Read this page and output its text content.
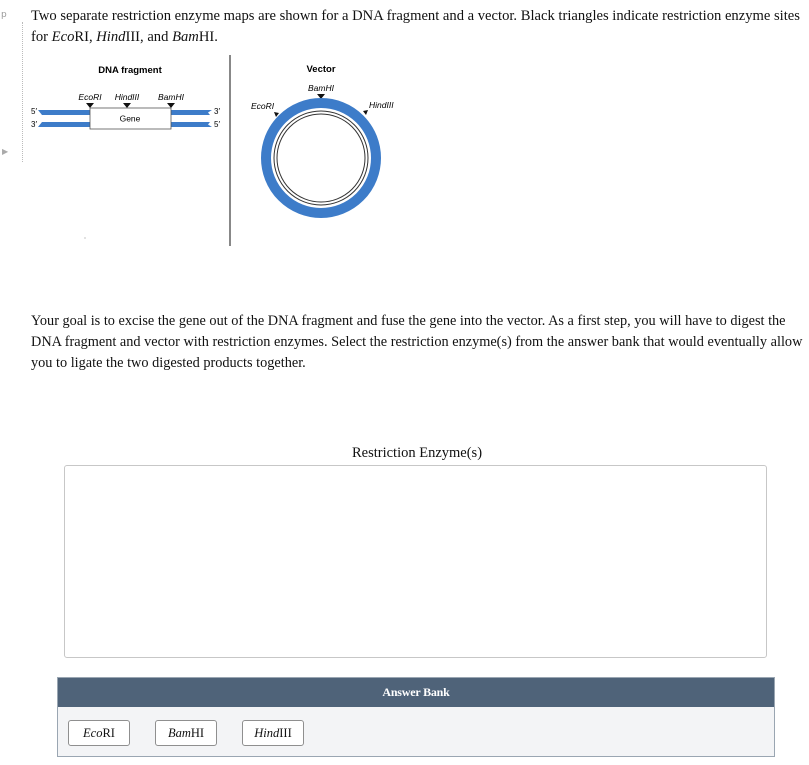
p
▶
Two separate restriction enzyme maps are shown for a DNA fragment and a vector. Black triangles indicate restriction enzyme sites for EcoRI, HindIII, and BamHI.
DNA fragment
EcoRI HindIII BamHI
Gene
5′
3′
3′
5′
Vector
BamHI
EcoRI	HindIII
Your goal is to excise the gene out of the DNA fragment and fuse the gene into the vector. As a first step, you will have to digest the DNA fragment and vector with restriction enzymes. Select the restriction enzyme(s) from the answer bank that would eventually allow you to ligate the two digested products together.
Restriction Enzyme(s)
Answer Bank
EcoRI	BamHI	HindIII
